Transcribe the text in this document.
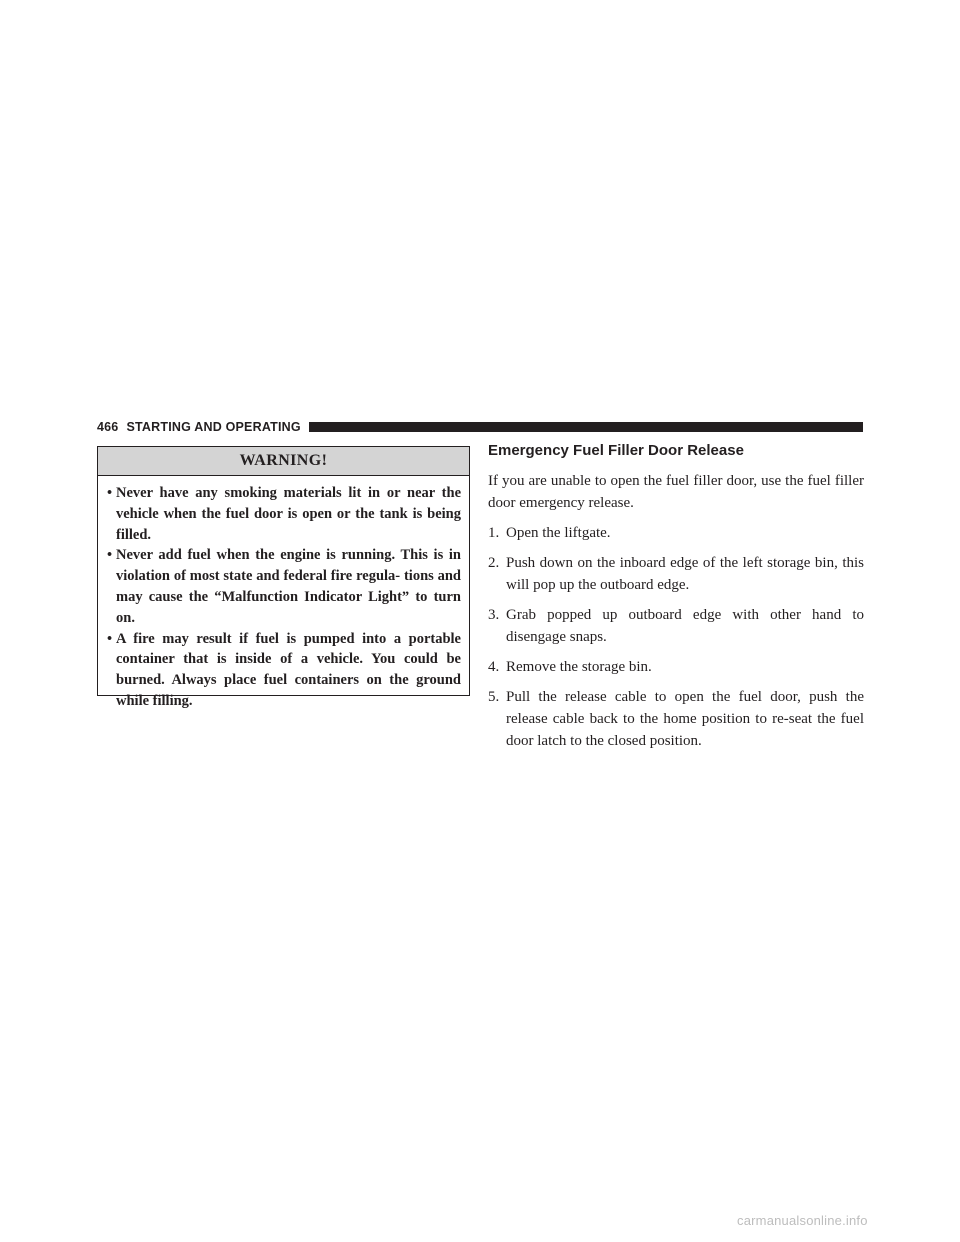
466 STARTING AND OPERATING
WARNING!
• Never have any smoking materials lit in or near the vehicle when the fuel door is open or the tank is being filled.
• Never add fuel when the engine is running. This is in violation of most state and federal fire regula- tions and may cause the “Malfunction Indicator Light” to turn on.
• A fire may result if fuel is pumped into a portable container that is inside of a vehicle. You could be burned. Always place fuel containers on the ground while filling.
Emergency Fuel Filler Door Release

If you are unable to open the fuel filler door, use the fuel filler door emergency release.

1. Open the liftgate.
2. Push down on the inboard edge of the left storage bin, this will pop up the outboard edge.
3. Grab popped up outboard edge with other hand to disengage snaps.
4. Remove the storage bin.
5. Pull the release cable to open the fuel door, push the release cable back to the home position to re-seat the fuel door latch to the closed position.
carmanualsonline.info
